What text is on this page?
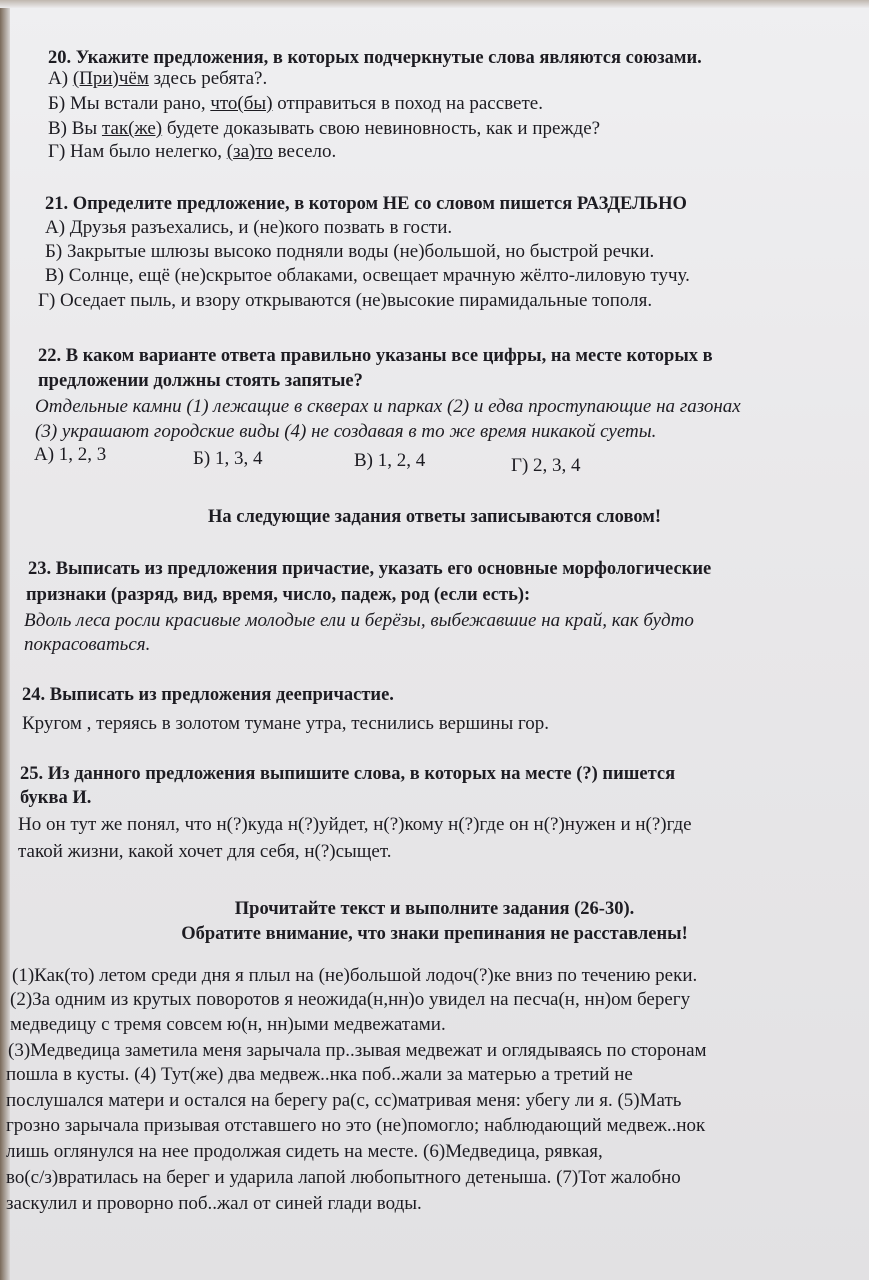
20. Укажите предложения, в которых подчеркнутые слова являются союзами.
А) (При)чём здесь ребята?.
Б) Мы встали рано, что(бы) отправиться в поход на рассвете.
В) Вы так(же) будете доказывать свою невиновность, как и прежде?
Г) Нам было нелегко, (за)то весело.
21. Определите предложение, в котором НЕ со словом пишется РАЗДЕЛЬНО
А) Друзья разъехались, и (не)кого позвать в гости.
Б) Закрытые шлюзы высоко подняли воды (не)большой, но быстрой речки.
В) Солнце, ещё (не)скрытое облаками, освещает мрачную жёлто-лиловую тучу.
Г) Оседает пыль, и взору открываются (не)высокие пирамидальные тополя.
22. В каком варианте ответа правильно указаны все цифры, на месте которых в
предложении должны стоять запятые?
Отдельные камни (1) лежащие в скверах и парках (2) и едва проступающие на газонах
(3) украшают городские виды (4) не создавая в то же время никакой суеты.
А) 1, 2, 3	Б) 1, 3, 4	В) 1, 2, 4	Г) 2, 3, 4
На следующие задания ответы записываются словом!
23. Выписать из предложения причастие, указать его основные морфологические
признаки (разряд, вид, время, число, падеж, род (если есть):
Вдоль леса росли красивые молодые ели и берёзы, выбежавшие на край, как будто
покрасоваться.
24. Выписать из предложения деепричастие.
Кругом , теряясь в золотом тумане утра, теснились вершины гор.
25. Из данного предложения выпишите слова, в которых на месте (?) пишется
буква И.
Но он тут же понял, что н(?)куда н(?)уйдет, н(?)кому н(?)где он н(?)нужен и н(?)где
такой жизни, какой хочет для себя, н(?)сыщет.
Прочитайте текст и выполните задания (26-30).
Обратите внимание, что знаки препинания не расставлены!
(1)Как(то) летом среди дня я плыл на (не)большой лодоч(?)ке вниз по течению реки.
(2)За одним из крутых поворотов я неожида(н,нн)о увидел на песча(н, нн)ом берегу
медведицу с тремя совсем ю(н, нн)ыми медвежатами.
(3)Медведица заметила меня зарычала пр..зывая медвежат и оглядываясь по сторонам
пошла в кусты. (4) Тут(же) два медвеж..нка поб..жали за матерью а третий не
послушался матери и остался на берегу ра(с, сс)матривая меня: убегу ли я. (5)Мать
грозно зарычала призывая отставшего но это (не)помогло; наблюдающий медвеж..нок
лишь оглянулся на нее продолжая сидеть на месте. (6)Медведица, рявкая,
во(с/з)вратилась на берег и ударила лапой любопытного детеныша. (7)Тот жалобно
заскулил и проворно поб..жал от синей глади воды.
